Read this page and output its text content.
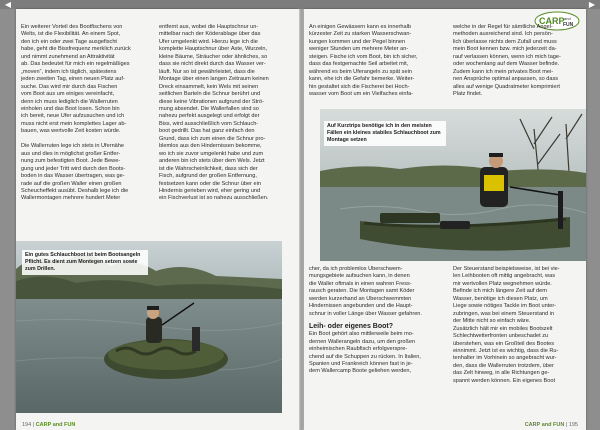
◀	▶
Ein weiterer Vorteil des Bootfischens von
Welts, ist die Flexibilität. An einem Spot,
den ich ein oder zwei Tage ausgefischt
habe, geht die Bissfrequenz merklich zurück
und nimmt zunehmend an Attraktivität
ab. Das bedeutet für mich ein regelmäßiges
„moven“, indem ich täglich, spätestens
jeden zweiten Tag, einen neuen Platz auf-
suche. Das wird mir durch das Fischen
vom Boot aus um einiges vereinfacht,
denn ich muss lediglich die Wallerruten
einholen und das Boot losen. Schon bin
ich bereit, neue Ufer aufzusuchen und ich
muss nicht erst mein komplettes Lager ab-
bauen, was wertvolle Zeit kosten würde.

Die Wallerruten lege ich stets in Ufernähe
aus und dies in möglichst großer Entfer-
nung zum befestigten Boot. Jede Bewe-
gung und jeder Tritt wird durch den Boots-
boden in das Wasser übertragen, was ge-
rade auf die großen Waller einen großen
Scheucheffekt ausübt. Deshalb lege ich die
Wallermontagen mehrere hundert Meter
entfernt aus, wobei die Hauptschnur un-
mittelbar nach der Köderablage über das
Ufer umgelenkt wird. Hierzu lege ich die
komplette Hauptschnur über Äste, Wurzeln,
kleine Bäume, Sträucher oder ähnliches, so
dass sie nicht direkt durch das Wasser ver-
läuft. Nur so ist gewährleistet, dass die
Montage über einen langen Zeitraum keinen
Dreck einsammelt, kein Wels mit seinen
seitlichen Barteln die Schnur berührt und
diese keine Vibrationen aufgrund der Strö-
mung absendet. Die Wallerfallen sind so
nahezu perfekt ausgelegt und erfolgt der
Biss, wird ausschließlich vom Schlauch-
boot gedrillt. Das hat ganz einfach den
Grund, dass ich zum einen die Schnur pro-
blemlos aus den Hindernissen bekomme,
wo ich sie zuvor umgelenkt habe und zum
anderen bin ich stets über dem Wels. Jetzt
ist die Wahrscheinlichkeit, dass sich der
Fisch, aufgrund der großen Entfernung,
festsetzen kann oder die Schnur über ein
Hindernis gerieben wird, eher gering und
ein Fischverlust ist so nahezu ausschließen.
Ein gutes Schlauchboot ist beim Bootsangeln Pflicht. Es dient zum Montegen setzen sowie zum Drillen.
194 | CARP and FUN
CARP and
FUN
An einigen Gewässern kann es innerhalb
kürzester Zeit zu starken Wasserschwan-
kungen kommen und der Pegel binnen
weniger Stunden um mehrere Meter an-
steigen. Fische ich vom Boot, bin ich sicher,
dass das festgemachte Seil arbeitet mit,
während es beim Uferangeln zu spät sein
kann, ehe ich die Gefahr bemerke. Weiter-
hin gestaltet sich die Fischerei bei Hoch-
wasser vom Boot um ein Vielfaches einfa-
welche in der Regel für sämtliche Angel-
methoden ausreichend sind. Ich persön-
lich überlasse nichts dem Zufall und muss
mein Boot kennen bzw. mich jederzeit da-
rauf verlassen können, wenn ich mich tage-
oder wochenlang auf dem Wasser befinde.
Zudem kann ich mein privates Boot mei-
nen Ansprüche optimal anpassen, so dass
alles auf wenige Quadratmeter komprimiert
Platz findet.
Auf Kurztrips benötige ich in den meisten Fällen ein kleines stabiles Schlauchboot zum Montage setzen
cher, da ich problemlos Überschwem-
mungsgebiete aufsuchen kann, in denen
die Waller oftmals in einen wahren Fress-
rausch geraten. Die Montagen samt Köder
werden kurzerhand an Überschwemmten
Hindernissen angebunden und die Haupt-
schnur in voller Länge über Wasser gefahren.
Leih- oder eigenes Boot?
Ein Boot gehört also mittlerweile beim mo-
dernen Wallerangeln dazu, um den großen
einheimischen Raubfisch erfolgverspre-
chend auf die Schuppen zu rücken. In Italien,
Spanien und Frankreich können fast in je-
dem Wallercamp Boote geliehen werden,
Der Steuerstand beispielsweise, ist bei vie-
len Leihbooten oft mittig angebracht, was
mir wertvollen Platz wegnehmen würde.
Befinde ich mich längere Zeit auf dem
Wasser, benötige ich diesen Platz, um
Liege sowie nötiges Tackle im Boot unter-
zubringen, was bei einem Steuerstand in
der Mitte nicht so einfach wäre.
Zusätzlich hält mir ein mobiles Bootszelt
Schlechtwetterfronten unbeschadet zu
überstehen, was ein Großteil des Bootes
einnimmt. Jetzt ist es wichtig, dass die Ru-
tenhalter im Vorhinein so angebracht wur-
den, dass die Wallerruten trotzdem, über
das Zelt hinweg, in alle Richtungen ge-
spannt werden können. Ein eigenes Boot
CARP and FUN | 195
